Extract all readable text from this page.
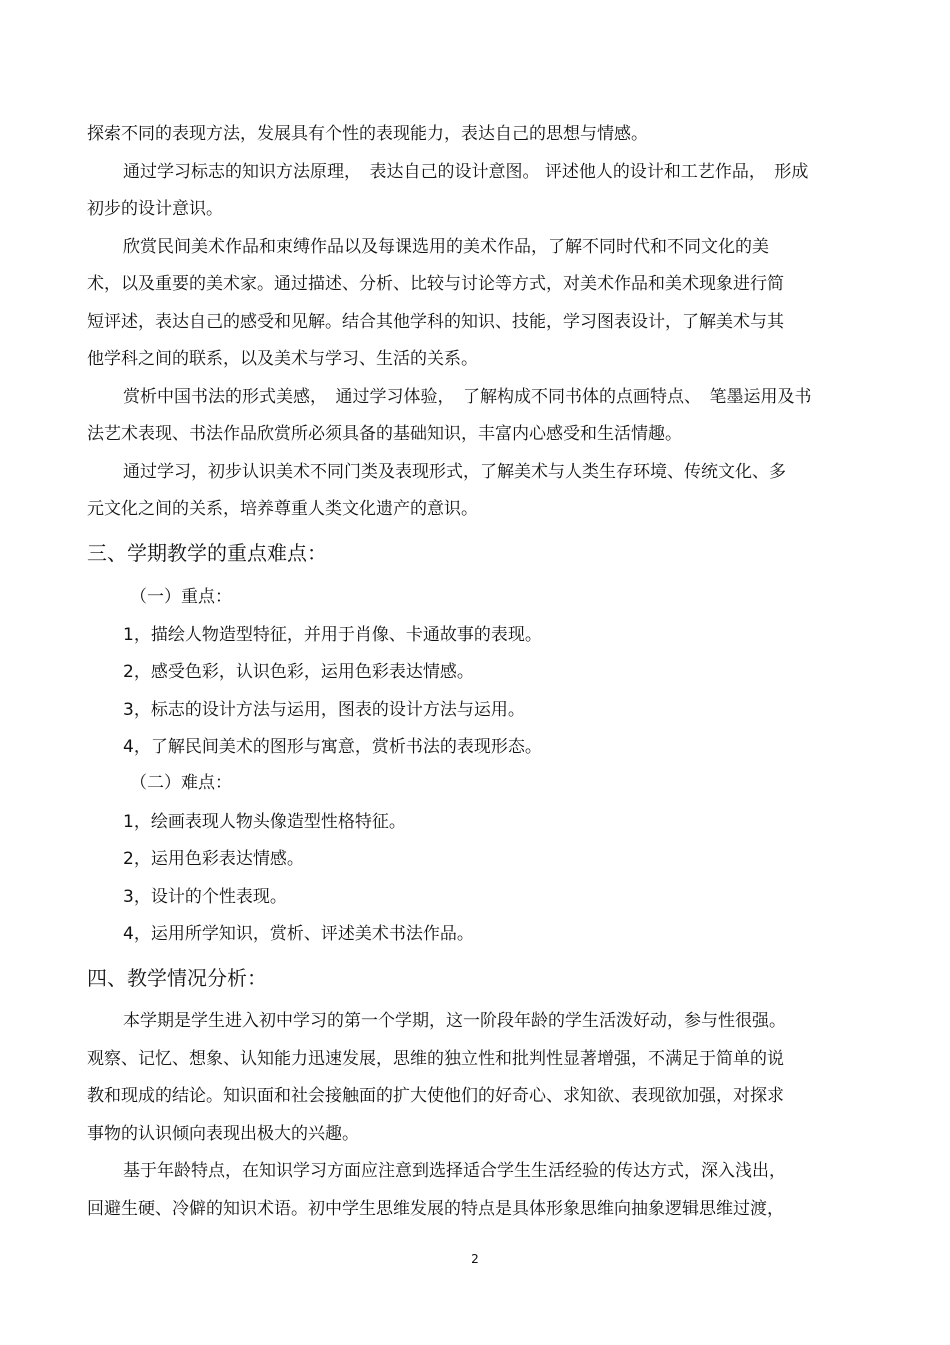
探索不同的表现方法，发展具有个性的表现能力，表达自己的思想与情感。
通过学习标志的知识方法原理，　表达自己的设计意图。 评述他人的设计和工艺作品，　形成
初步的设计意识。
欣赏民间美术作品和束缚作品以及每课选用的美术作品，了解不同时代和不同文化的美
术，以及重要的美术家。通过描述、分析、比较与讨论等方式，对美术作品和美术现象进行简
短评述，表达自己的感受和见解。结合其他学科的知识、技能，学习图表设计，了解美术与其
他学科之间的联系，以及美术与学习、生活的关系。
赏析中国书法的形式美感，　通过学习体验，　了解构成不同书体的点画特点、　笔墨运用及书
法艺术表现、书法作品欣赏所必须具备的基础知识，丰富内心感受和生活情趣。
通过学习，初步认识美术不同门类及表现形式，了解美术与人类生存环境、传统文化、多
元文化之间的关系，培养尊重人类文化遗产的意识。
三、学期教学的重点难点：
（一）重点：
1，描绘人物造型特征，并用于肖像、卡通故事的表现。
2，感受色彩，认识色彩，运用色彩表达情感。
3，标志的设计方法与运用，图表的设计方法与运用。
4，了解民间美术的图形与寓意，赏析书法的表现形态。
（二）难点：
1，绘画表现人物头像造型性格特征。
2，运用色彩表达情感。
3，设计的个性表现。
4，运用所学知识，赏析、评述美术书法作品。
四、教学情况分析：
本学期是学生进入初中学习的第一个学期，这一阶段年龄的学生活泼好动，参与性很强。
观察、记忆、想象、认知能力迅速发展，思维的独立性和批判性显著增强，不满足于简单的说
教和现成的结论。知识面和社会接触面的扩大使他们的好奇心、求知欲、表现欲加强，对探求
事物的认识倾向表现出极大的兴趣。
基于年龄特点，在知识学习方面应注意到选择适合学生生活经验的传达方式，深入浅出，
回避生硬、冷僻的知识术语。初中学生思维发展的特点是具体形象思维向抽象逻辑思维过渡，
2
